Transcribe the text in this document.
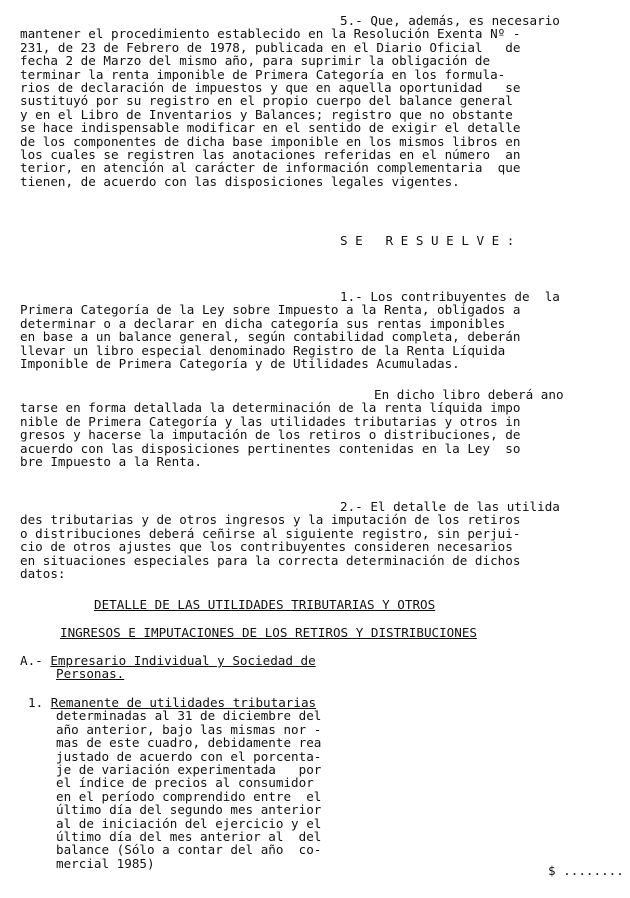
5.- Que, además, es necesario
mantener el procedimiento establecido en la Resolución Exenta Nº -
231, de 23 de Febrero de 1978, publicada en el Diario Oficial   de
fecha 2 de Marzo del mismo año, para suprimir la obligación de
terminar la renta imponible de Primera Categoría en los formula-
rios de declaración de impuestos y que en aquella oportunidad   se
sustituyó por su registro en el propio cuerpo del balance general
y en el Libro de Inventarios y Balances; registro que no obstante
se hace indispensable modificar en el sentido de exigir el detalle
de los componentes de dicha base imponible en los mismos libros en
los cuales se registren las anotaciones referidas en el número  an
terior, en atención al carácter de información complementaria  que
tienen, de acuerdo con las disposiciones legales vigentes.
S E   R E S U E L V E :
1.- Los contribuyentes de  la
Primera Categoría de la Ley sobre Impuesto a la Renta, obligados a
determinar o a declarar en dicha categoría sus rentas imponibles
en base a un balance general, según contabilidad completa, deberán
llevar un libro especial denominado Registro de la Renta Líquida
Imponible de Primera Categoría y de Utilidades Acumuladas.
En dicho libro deberá ano
tarse en forma detallada la determinación de la renta líquida impo
nible de Primera Categoría y las utilidades tributarias y otros in
gresos y hacerse la imputación de los retiros o distribuciones, de
acuerdo con las disposiciones pertinentes contenidas en la Ley  so
bre Impuesto a la Renta.
2.- El detalle de las utilida
des tributarias y de otros ingresos y la imputación de los retiros
o distribuciones deberá ceñirse al siguiente registro, sin perjui-
cio de otros ajustes que los contribuyentes consideren necesarios
en situaciones especiales para la correcta determinación de dichos
datos:
DETALLE DE LAS UTILIDADES TRIBUTARIAS Y OTROS
INGRESOS E IMPUTACIONES DE LOS RETIROS Y DISTRIBUCIONES
A.- Empresario Individual y Sociedad de
Personas.
1. Remanente de utilidades tributarias
determinadas al 31 de diciembre del
año anterior, bajo las mismas nor -
mas de este cuadro, debidamente rea
justado de acuerdo con el porcenta-
je de variación experimentada   por
el índice de precios al consumidor
en el período comprendido entre  el
último día del segundo mes anterior
al de iniciación del ejercicio y el
último día del mes anterior al  del
balance (Sólo a contar del año  co-
mercial 1985)	$ ........
